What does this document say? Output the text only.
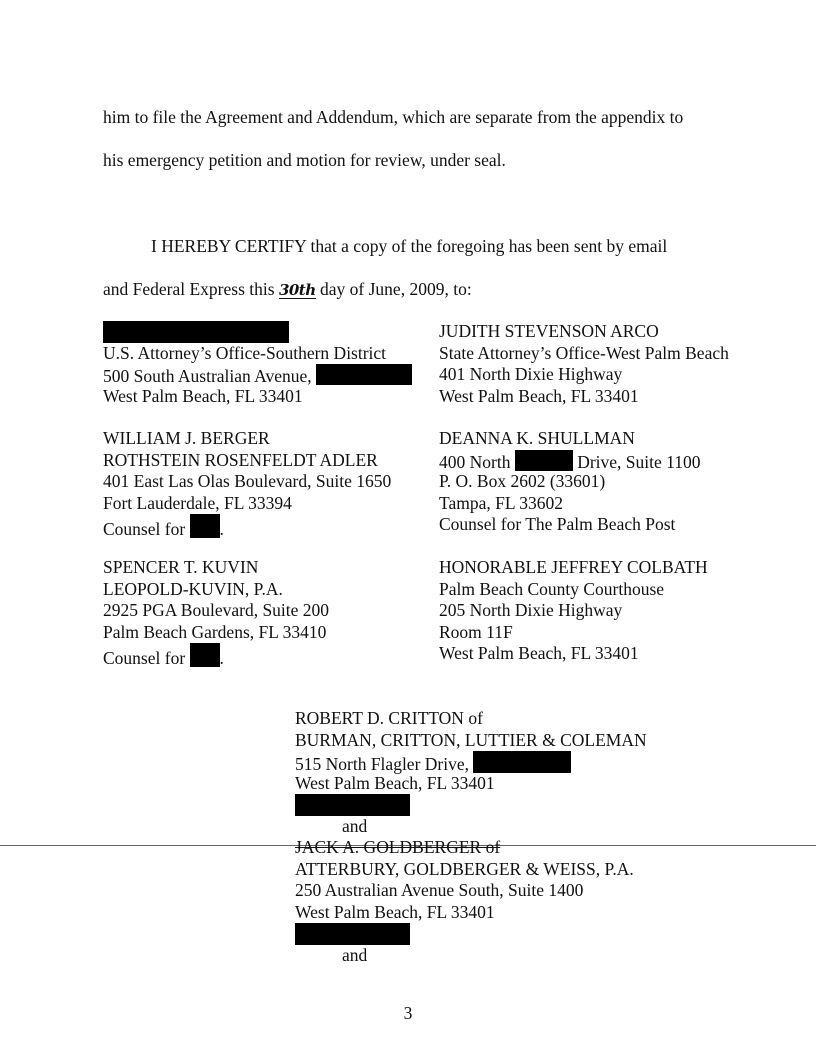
him to file the Agreement and Addendum, which are separate from the appendix to
his emergency petition and motion for review, under seal.
I HEREBY CERTIFY that a copy of the foregoing has been sent by email
and Federal Express this 30th day of June, 2009, to:
U.S. Attorney’s Office-Southern District
500 South Australian Avenue,
West Palm Beach, FL 33401
JUDITH STEVENSON ARCO
State Attorney’s Office-West Palm Beach
401 North Dixie Highway
West Palm Beach, FL 33401
WILLIAM J. BERGER
ROTHSTEIN ROSENFELDT ADLER
401 East Las Olas Boulevard, Suite 1650
Fort Lauderdale, FL 33394
Counsel for .
DEANNA K. SHULLMAN
400 North	Drive, Suite 1100
P. O. Box 2602 (33601)
Tampa, FL 33602
Counsel for The Palm Beach Post
SPENCER T. KUVIN
LEOPOLD-KUVIN, P.A.
2925 PGA Boulevard, Suite 200
Palm Beach Gardens, FL 33410
Counsel for .
HONORABLE JEFFREY COLBATH
Palm Beach County Courthouse
205 North Dixie Highway
Room 11F
West Palm Beach, FL 33401
ROBERT D. CRITTON of
BURMAN, CRITTON, LUTTIER & COLEMAN
515 North Flagler Drive,
West Palm Beach, FL 33401
and
JACK A. GOLDBERGER of
ATTERBURY, GOLDBERGER & WEISS, P.A.
250 Australian Avenue South, Suite 1400
West Palm Beach, FL 33401
and
3
